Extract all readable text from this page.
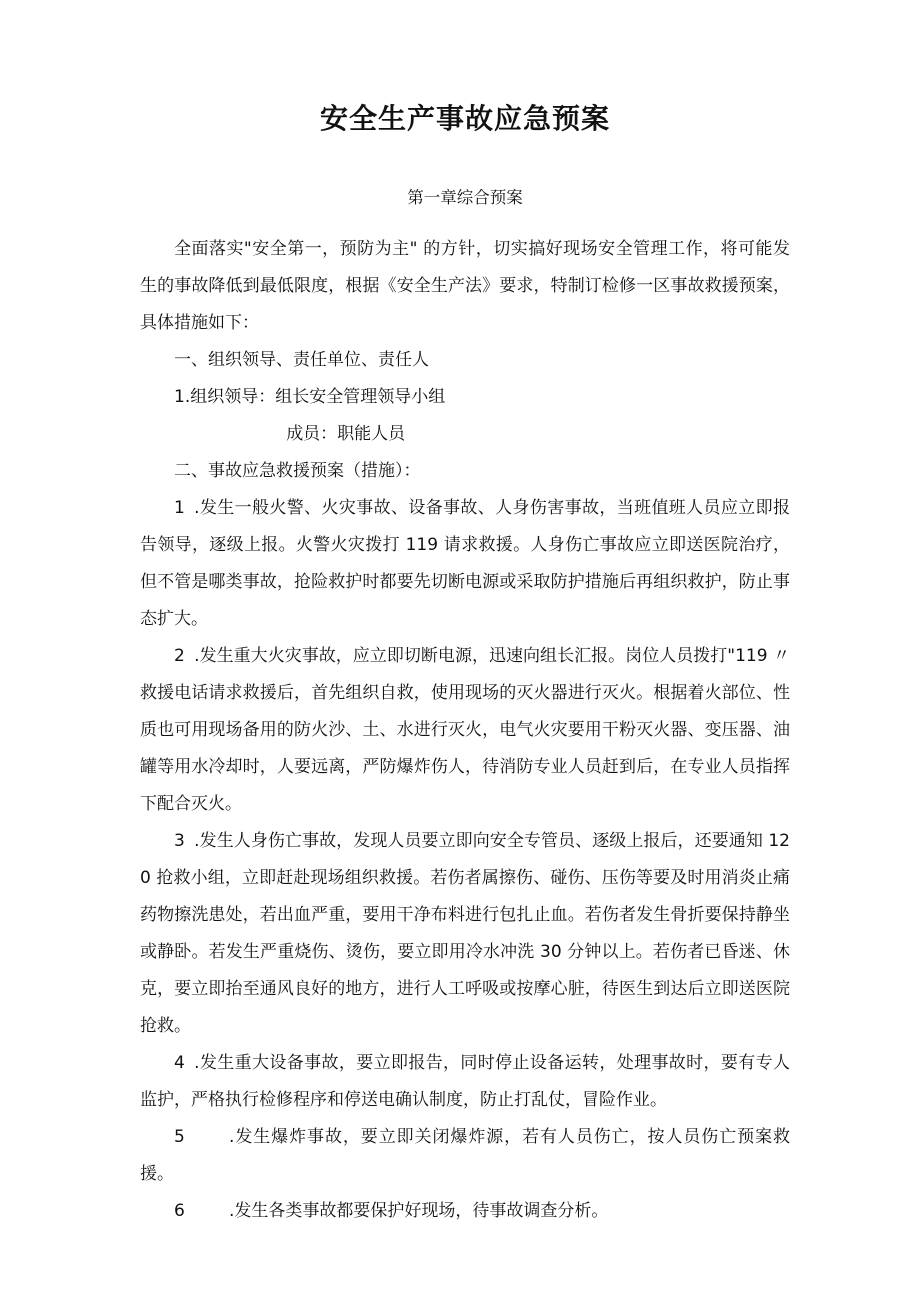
安全生产事故应急预案
第一章综合预案

全面落实"安全第一，预防为主" 的方针，切实搞好现场安全管理工作，将可能发生的事故降低到最低限度，根据《安全生产法》要求，特制订检修一区事故救援预案，具体措施如下：

一、组织领导、责任单位、责任人

1.组织领导：组长安全管理领导小组

成员：职能人员

二、事故应急救援预案（措施）：

1 .发生一般火警、火灾事故、设备事故、人身伤害事故，当班值班人员应立即报告领导，逐级上报。火警火灾拨打 119 请求救援。人身伤亡事故应立即送医院治疗，但不管是哪类事故，抢险救护时都要先切断电源或采取防护措施后再组织救护，防止事态扩大。

2 .发生重大火灾事故，应立即切断电源，迅速向组长汇报。岗位人员拨打"119 〃救援电话请求救援后，首先组织自救，使用现场的灭火器进行灭火。根据着火部位、性质也可用现场备用的防火沙、土、水进行灭火，电气火灾要用干粉灭火器、变压器、油罐等用水冷却时，人要远离，严防爆炸伤人，待消防专业人员赶到后，在专业人员指挥下配合灭火。

3 .发生人身伤亡事故，发现人员要立即向安全专管员、逐级上报后，还要通知 120 抢救小组，立即赶赴现场组织救援。若伤者属擦伤、碰伤、压伤等要及时用消炎止痛药物擦洗患处，若出血严重，要用干净布料进行包扎止血。若伤者发生骨折要保持静坐或静卧。若发生严重烧伤、烫伤，要立即用冷水冲洗 30 分钟以上。若伤者已昏迷、休克，要立即抬至通风良好的地方，进行人工呼吸或按摩心脏，待医生到达后立即送医院抢救。

4 .发生重大设备事故，要立即报告，同时停止设备运转，处理事故时，要有专人监护，严格执行检修程序和停送电确认制度，防止打乱仗，冒险作业。

5	.发生爆炸事故，要立即关闭爆炸源，若有人员伤亡，按人员伤亡预案救援。

6	.发生各类事故都要保护好现场，待事故调查分析。
